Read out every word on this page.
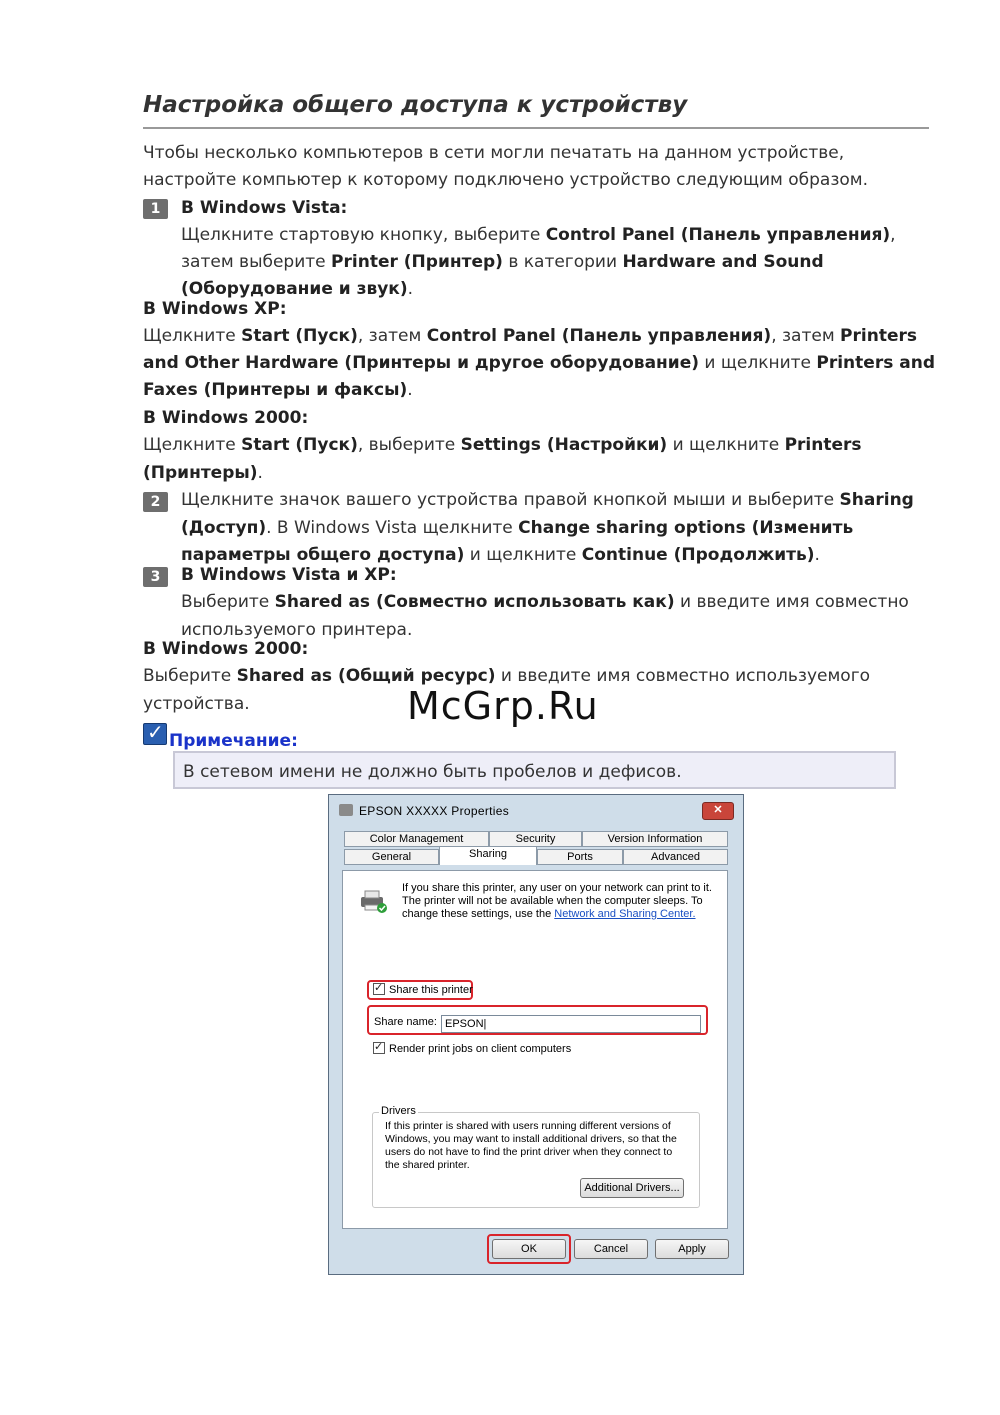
Настройка общего доступа к устройству
Чтобы несколько компьютеров в сети могли печатать на данном устройстве,
настройте компьютер к которому подключено устройство следующим образом.
1	В Windows Vista:
Щелкните стартовую кнопку, выберите Control Panel (Панель управления),
затем выберите Printer (Принтер) в категории Hardware and Sound
(Оборудование и звук).
В Windows XP:
Щелкните Start (Пуск), затем Control Panel (Панель управления), затем Printers
and Other Hardware (Принтеры и другое оборудование) и щелкните Printers and
Faxes (Принтеры и факсы).
В Windows 2000:
Щелкните Start (Пуск), выберите Settings (Настройки) и щелкните Printers
(Принтеры).
2	Щелкните значок вашего устройства правой кнопкой мыши и выберите Sharing
(Доступ). В Windows Vista щелкните Change sharing options (Изменить
параметры общего доступа) и щелкните Continue (Продолжить).
3	В Windows Vista и XP:
Выберите Shared as (Совместно использовать как) и введите имя совместно
используемого принтера.
В Windows 2000:
Выберите Shared as (Общий ресурс) и введите имя совместно используемого
устройства.	McGrp.Ru
✓ Примечание:
В сетевом имени не должно быть пробелов и дефисов.
EPSON XXXXX Properties	✕
Color Management	Security	Version Information
General	Sharing	Ports	Advanced
If you share this printer, any user on your network can print to it.
The printer will not be available when the computer sleeps. To
change these settings, use the Network and Sharing Center.
✓Share this printer
Share name: EPSON|
✓Render print jobs on client computers
Drivers
If this printer is shared with users running different versions of
Windows, you may want to install additional drivers, so that the
users do not have to find the print driver when they connect to
the shared printer.
Additional Drivers...
OK	Cancel	Apply
